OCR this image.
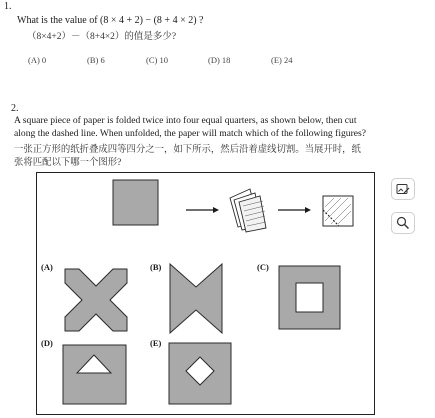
1.
What is the value of (8 × 4 + 2) − (8 + 4 × 2) ?
（8×4+2）－（8+4×2）的值是多少?
(A) 0	(B) 6	(C) 10	(D) 18	(E) 24
2.
A square piece of paper is folded twice into four equal quarters, as shown below, then cut
along the dashed line. When unfolded, the paper will match which of the following figures?
一张正方形的纸折叠成四等四分之一，如下所示，然后沿着虚线切割。当展开时，纸
张将匹配以下哪一个图形?
(A)	(B)	(C)
(D)	(E)
